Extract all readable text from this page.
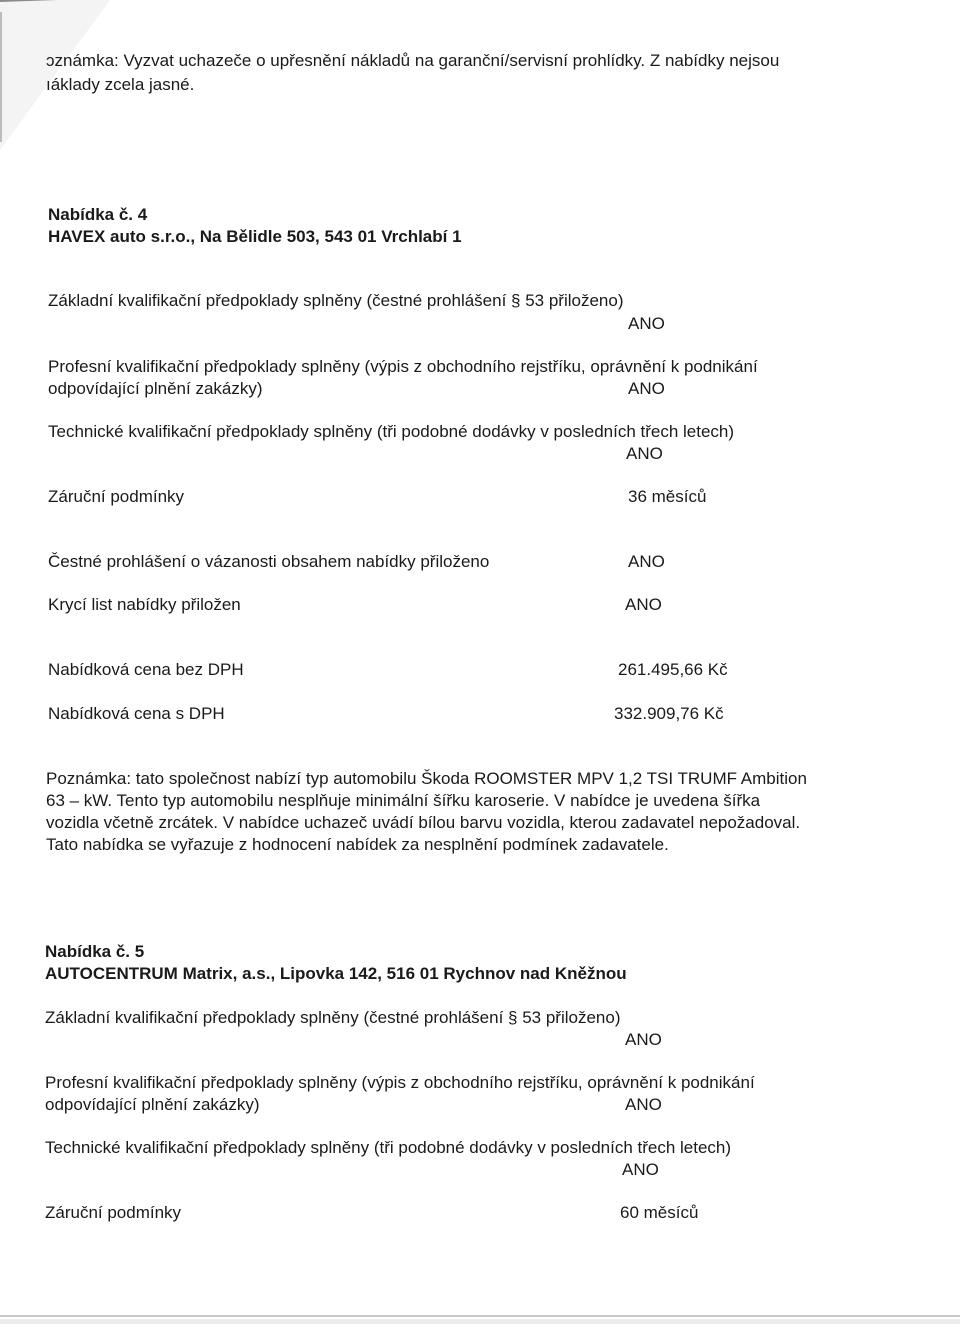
ɔznámka: Vyzvat uchazeče o upřesnění nákladů na garanční/servisní prohlídky. Z nabídky nejsou
ıáklady zcela jasné.
Nabídka č. 4
HAVEX auto s.r.o., Na Bělidle 503, 543 01 Vrchlabí 1
Základní kvalifikační předpoklady splněny (čestné prohlášení § 53 přiloženo)
ANO
Profesní kvalifikační předpoklady splněny (výpis z obchodního rejstříku, oprávnění k podnikání
odpovídající plnění zakázky)	ANO
Technické kvalifikační předpoklady splněny (tři podobné dodávky v posledních třech letech)
ANO
Záruční podmínky	36 měsíců
Čestné prohlášení o vázanosti obsahem nabídky přiloženo	ANO
Krycí list nabídky přiložen	ANO
Nabídková cena bez DPH	261.495,66 Kč
Nabídková cena s DPH	332.909,76 Kč
Poznámka: tato společnost nabízí typ automobilu Škoda ROOMSTER MPV 1,2 TSI TRUMF Ambition
63 – kW. Tento typ automobilu nesplňuje minimální šířku karoserie. V nabídce je uvedena šířka
vozidla včetně zrcátek. V nabídce uchazeč uvádí bílou barvu vozidla, kterou zadavatel nepožadoval.
Tato nabídka se vyřazuje z hodnocení nabídek za nesplnění podmínek zadavatele.
Nabídka č. 5
AUTOCENTRUM Matrix, a.s., Lipovka 142, 516 01 Rychnov nad Kněžnou
Základní kvalifikační předpoklady splněny (čestné prohlášení § 53 přiloženo)
ANO
Profesní kvalifikační předpoklady splněny (výpis z obchodního rejstříku, oprávnění k podnikání
odpovídající plnění zakázky)	ANO
Technické kvalifikační předpoklady splněny (tři podobné dodávky v posledních třech letech)
ANO
Záruční podmínky	60 měsíců
